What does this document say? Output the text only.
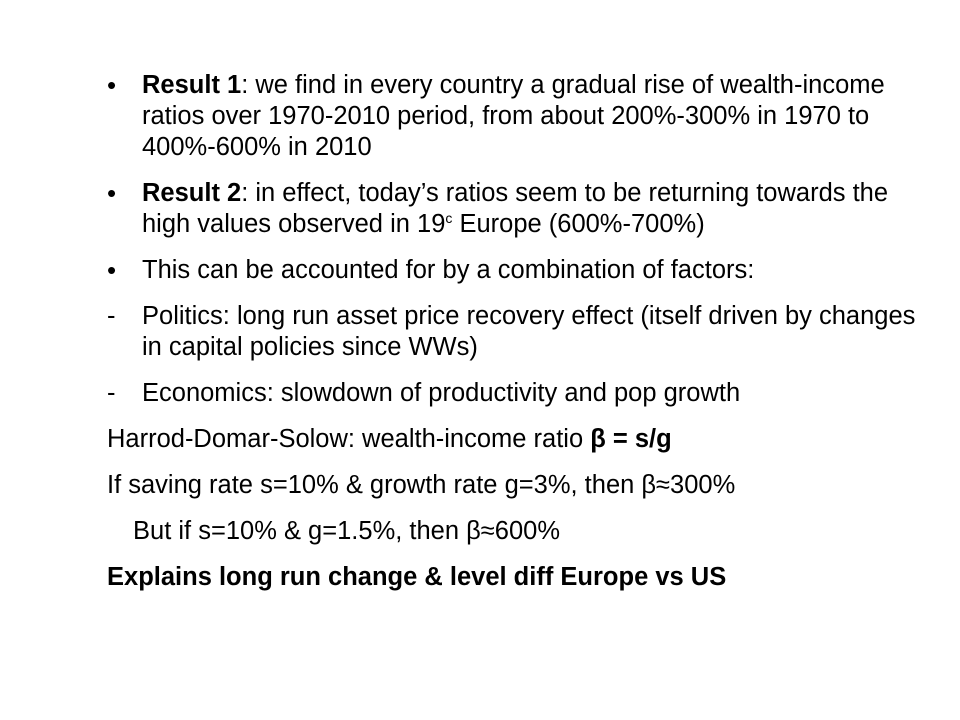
•	Result 1: we find in every country a gradual rise of wealth-income ratios over 1970-2010 period, from about 200%-300% in 1970 to 400%-600% in 2010
•	Result 2: in effect, today’s ratios seem to be returning towards the high values observed in 19$^c$ Europe (600%-700%)
•	This can be accounted for by a combination of factors:
-	Politics: long run asset price recovery effect (itself driven by changes in capital policies since WWs)
-	Economics: slowdown of productivity and pop growth
Harrod-Domar-Solow: wealth-income ratio β = s/g
If saving rate s=10% & growth rate g=3%, then β≈300%
But if s=10% & g=1.5%, then β≈600%
Explains long run change & level diff Europe vs US
